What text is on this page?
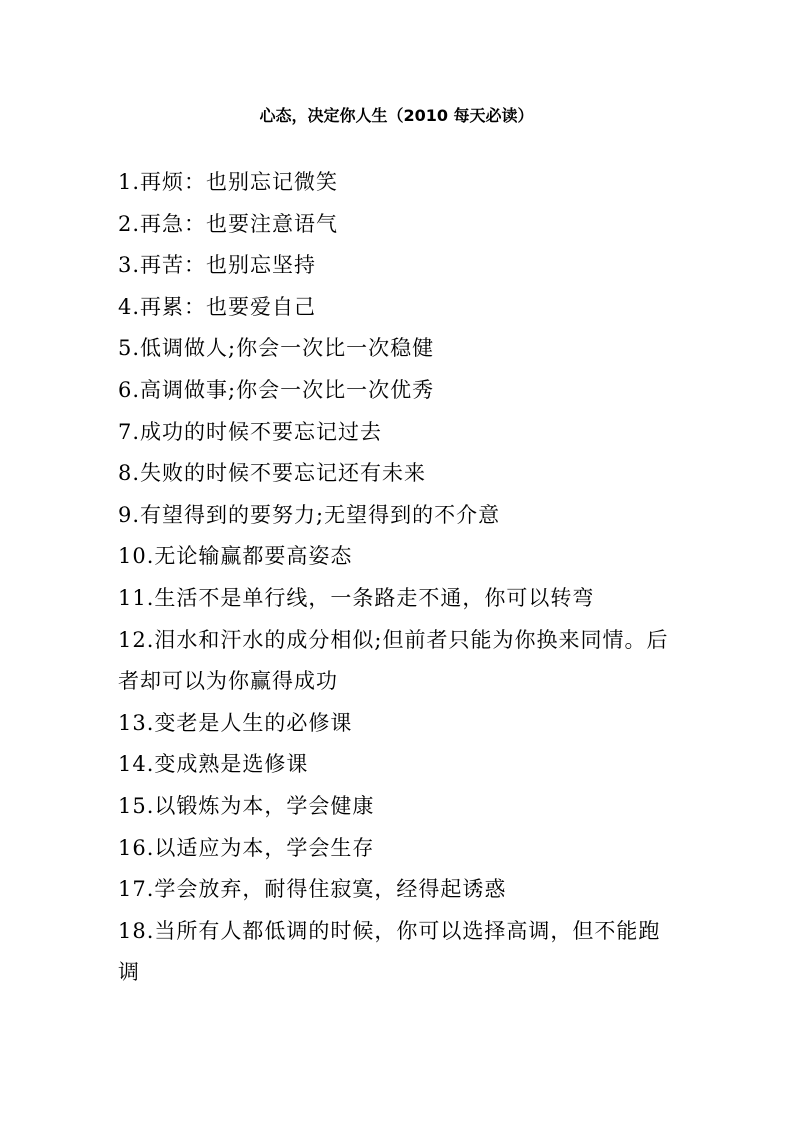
心态，决定你人生（2010 每天必读）
1.再烦：也别忘记微笑
2.再急：也要注意语气
3.再苦：也别忘坚持
4.再累：也要爱自己
5.低调做人;你会一次比一次稳健
6.高调做事;你会一次比一次优秀
7.成功的时候不要忘记过去
8.失败的时候不要忘记还有未来
9.有望得到的要努力;无望得到的不介意
10.无论输赢都要高姿态
11.生活不是单行线，一条路走不通，你可以转弯
12.泪水和汗水的成分相似;但前者只能为你换来同情。后者却可以为你赢得成功
13.变老是人生的必修课
14.变成熟是选修课
15.以锻炼为本，学会健康
16.以适应为本，学会生存
17.学会放弃，耐得住寂寞，经得起诱惑
18.当所有人都低调的时候，你可以选择高调，但不能跑调
